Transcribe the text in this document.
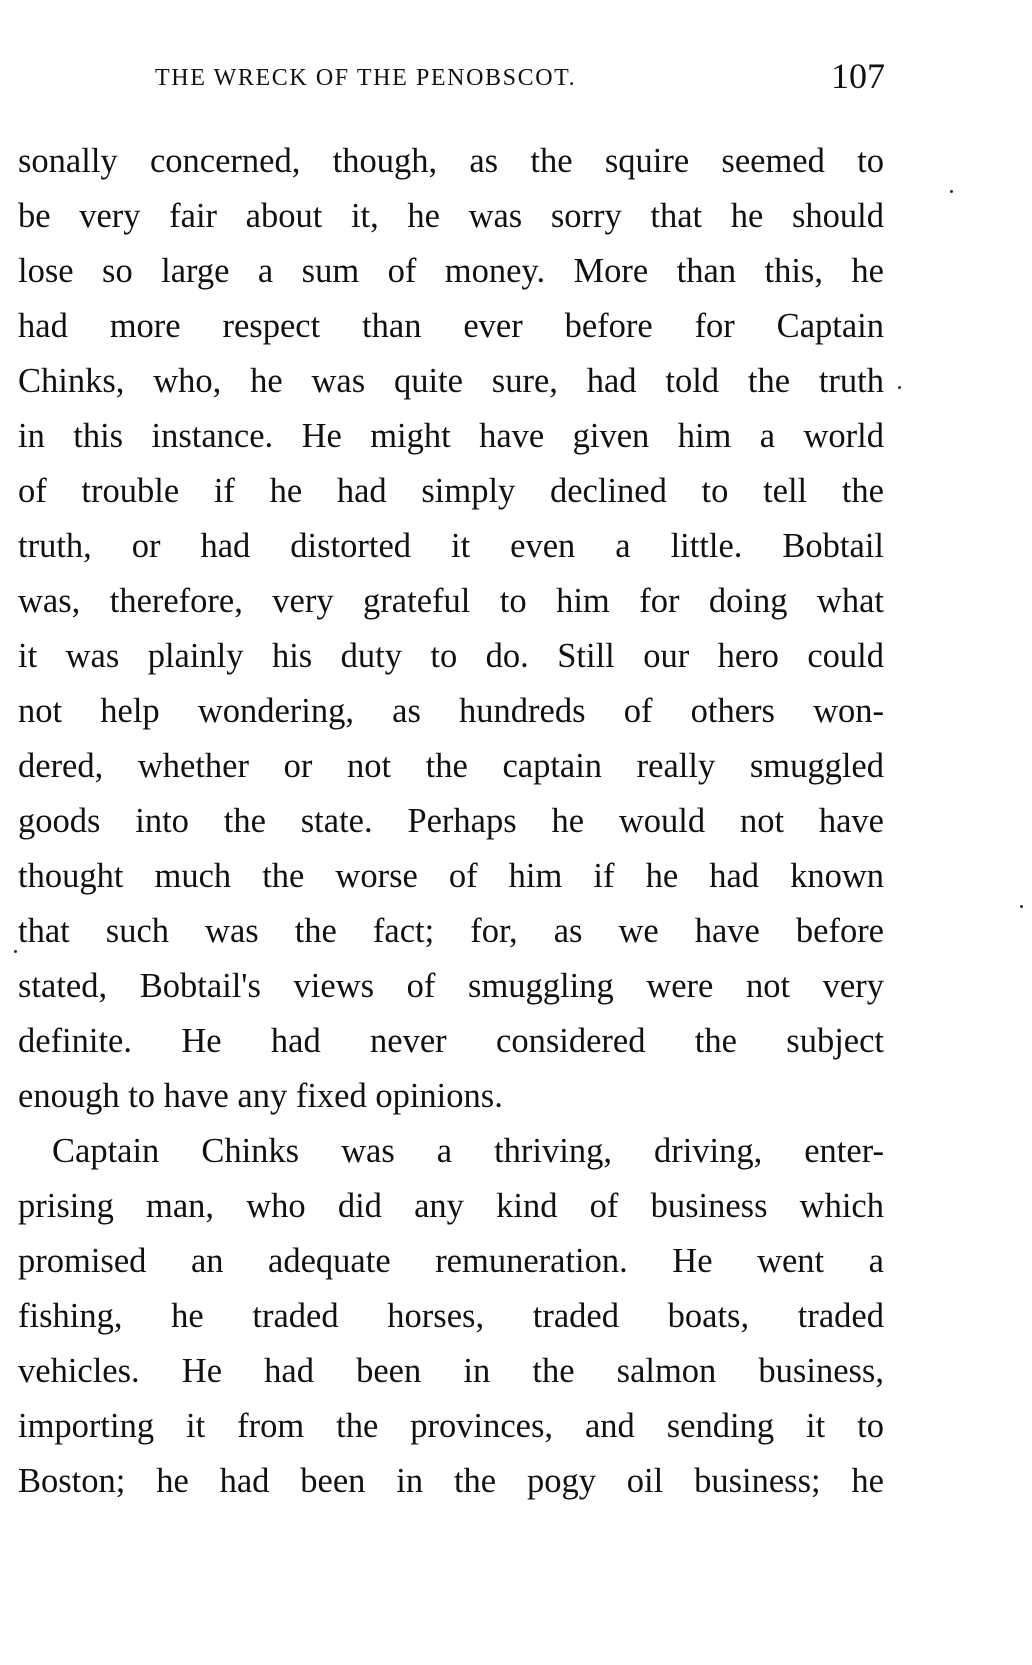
THE WRECK OF THE PENOBSCOT.	107
sonally concerned, though, as the squire seemed to
be very fair about it, he was sorry that he should
lose so large a sum of money. More than this, he
had more respect than ever before for Captain
Chinks, who, he was quite sure, had told the truth
in this instance. He might have given him a world
of trouble if he had simply declined to tell the
truth, or had distorted it even a little. Bobtail
was, therefore, very grateful to him for doing what
it was plainly his duty to do. Still our hero could
not help wondering, as hundreds of others won-
dered, whether or not the captain really smuggled
goods into the state. Perhaps he would not have
thought much the worse of him if he had known
that such was the fact; for, as we have before
stated, Bobtail's views of smuggling were not very
definite. He had never considered the subject
enough to have any fixed opinions.
Captain Chinks was a thriving, driving, enter-
prising man, who did any kind of business which
promised an adequate remuneration. He went a
fishing, he traded horses, traded boats, traded
vehicles. He had been in the salmon business,
importing it from the provinces, and sending it to
Boston; he had been in the pogy oil business; he
